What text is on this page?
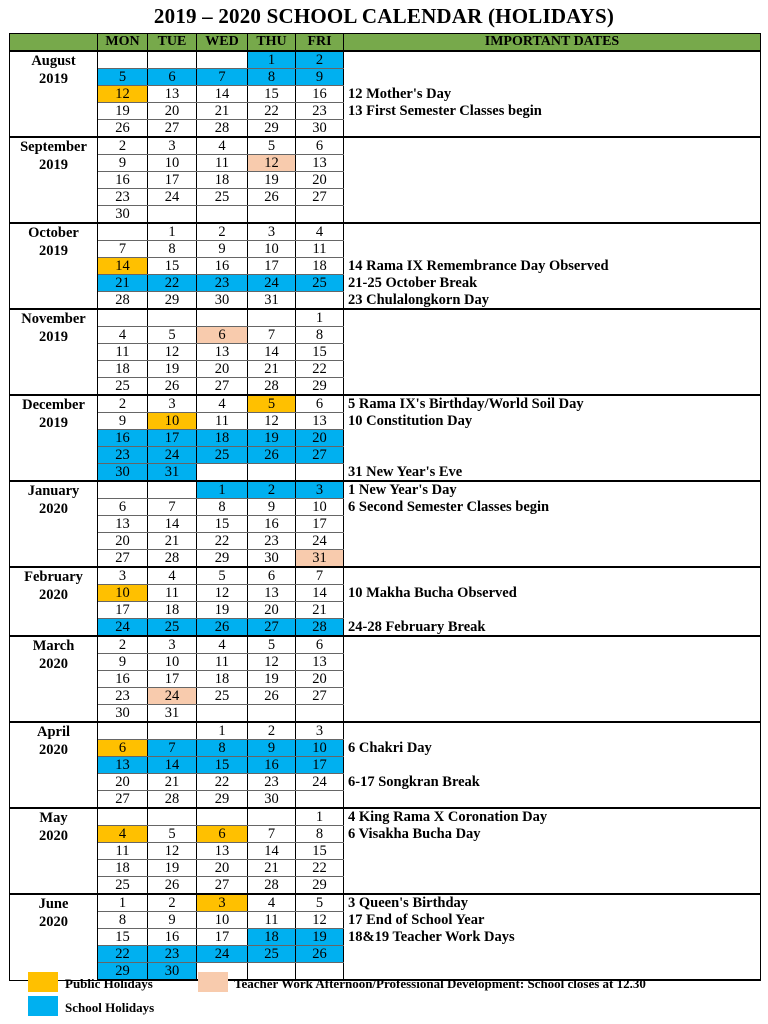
2019 – 2020 SCHOOL CALENDAR (HOLIDAYS)
	MON	TUE	WED	THU	FRI	IMPORTANT DATES
August
2019				1	2	
	5	6	7	8	9	
	12	13	14	15	16	12 Mother's Day
	19	20	21	22	23	13 First Semester Classes begin
	26	27	28	29	30	
September
2019	2	3	4	5	6	
	9	10	11	12	13	
	16	17	18	19	20	
	23	24	25	26	27	
	30					
October
2019		1	2	3	4	
	7	8	9	10	11	
	14	15	16	17	18	14 Rama IX Remembrance Day Observed
	21	22	23	24	25	21-25 October Break
	28	29	30	31		23 Chulalongkorn Day
November
2019					1	
	4	5	6	7	8	
	11	12	13	14	15	
	18	19	20	21	22	
	25	26	27	28	29	
December
2019	2	3	4	5	6	5 Rama IX's Birthday/World Soil Day
	9	10	11	12	13	10 Constitution Day
	16	17	18	19	20	
	23	24	25	26	27	
	30	31				31 New Year's Eve
January
2020			1	2	3	1 New Year's Day
	6	7	8	9	10	6 Second Semester Classes begin
	13	14	15	16	17	
	20	21	22	23	24	
	27	28	29	30	31	
February
2020	3	4	5	6	7	
	10	11	12	13	14	10 Makha Bucha Observed
	17	18	19	20	21	
	24	25	26	27	28	24-28 February Break
March
2020	2	3	4	5	6	
	9	10	11	12	13	
	16	17	18	19	20	
	23	24	25	26	27	
	30	31				
April
2020			1	2	3	
	6	7	8	9	10	6 Chakri Day
	13	14	15	16	17	
	20	21	22	23	24	6-17 Songkran Break
	27	28	29	30		
May
2020					1	4 King Rama X Coronation Day
	4	5	6	7	8	6 Visakha Bucha Day
	11	12	13	14	15	
	18	19	20	21	22	
	25	26	27	28	29	
June
2020	1	2	3	4	5	3 Queen's Birthday
	8	9	10	11	12	17 End of School Year
	15	16	17	18	19	18&19 Teacher Work Days
	22	23	24	25	26	
	29	30				
Public Holidays
School Holidays
Teacher Work Afternoon/Professional Development: School closes at 12.30
